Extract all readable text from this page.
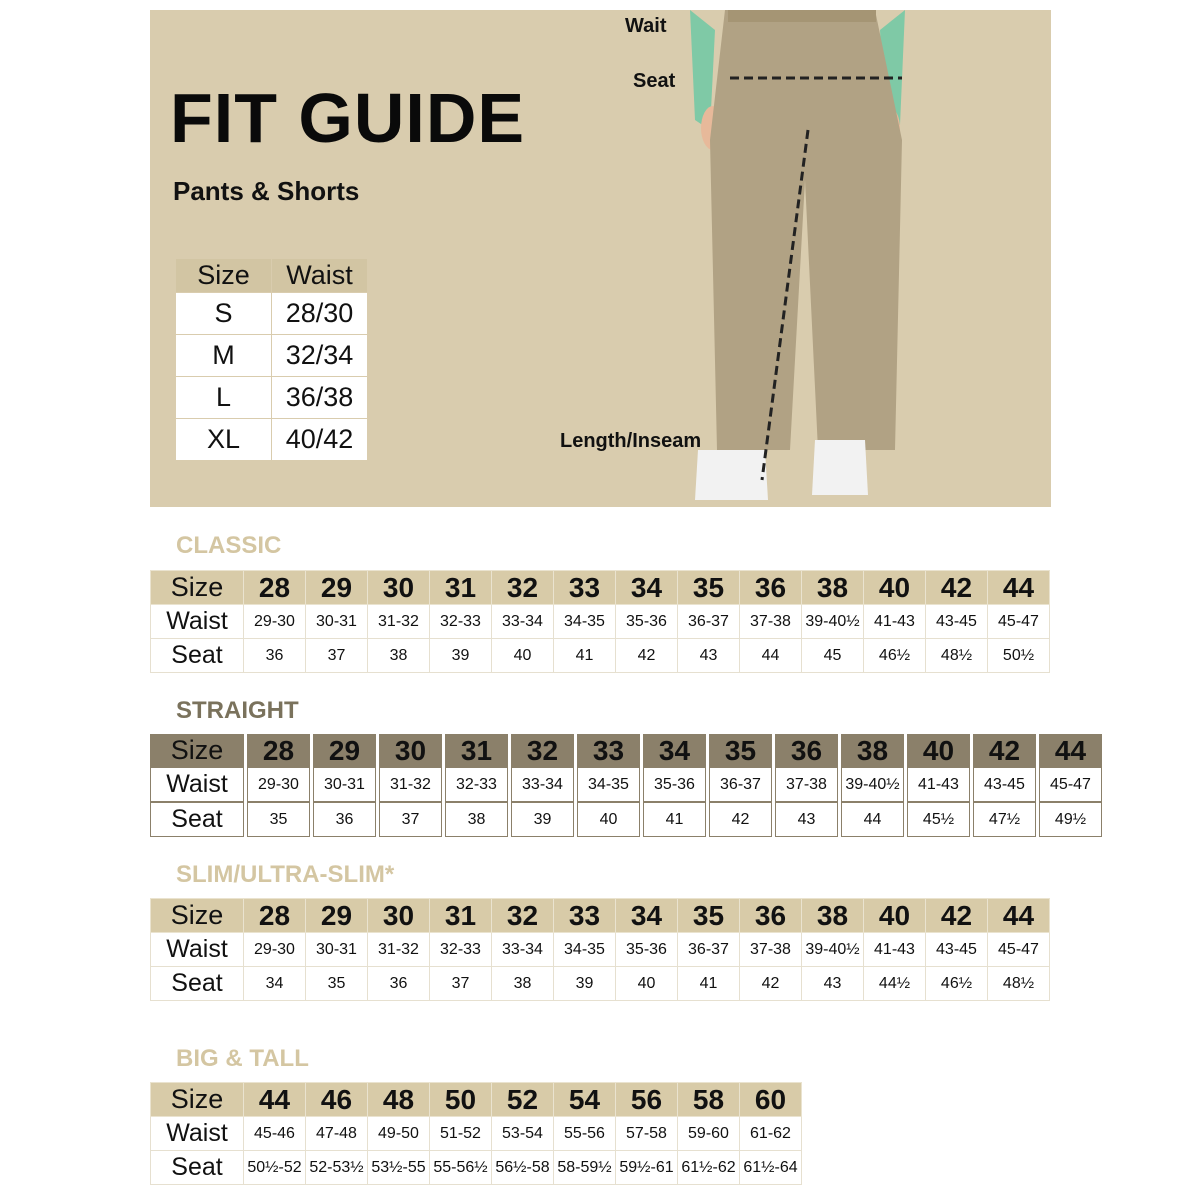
FIT GUIDE
Pants & Shorts
Size	Waist
S	28/30
M	32/34
L	36/38
XL	40/42
Wait
Seat
Length/Inseam
CLASSIC
Size	28	29	30	31	32	33	34	35	36	38	40	42	44
Waist	29-30	30-31	31-32	32-33	33-34	34-35	35-36	36-37	37-38	39-40½	41-43	43-45	45-47
Seat	36	37	38	39	40	41	42	43	44	45	46½	48½	50½
STRAIGHT
Size	28	29	30	31	32	33	34	35	36	38	40	42	44
Waist	29-30	30-31	31-32	32-33	33-34	34-35	35-36	36-37	37-38	39-40½	41-43	43-45	45-47
Seat	35	36	37	38	39	40	41	42	43	44	45½	47½	49½
SLIM/ULTRA-SLIM*
Size	28	29	30	31	32	33	34	35	36	38	40	42	44
Waist	29-30	30-31	31-32	32-33	33-34	34-35	35-36	36-37	37-38	39-40½	41-43	43-45	45-47
Seat	34	35	36	37	38	39	40	41	42	43	44½	46½	48½
BIG & TALL
Size	44	46	48	50	52	54	56	58	60
Waist	45-46	47-48	49-50	51-52	53-54	55-56	57-58	59-60	61-62
Seat	50½-52	52-53½	53½-55	55-56½	56½-58	58-59½	59½-61	61½-62	61½-64
